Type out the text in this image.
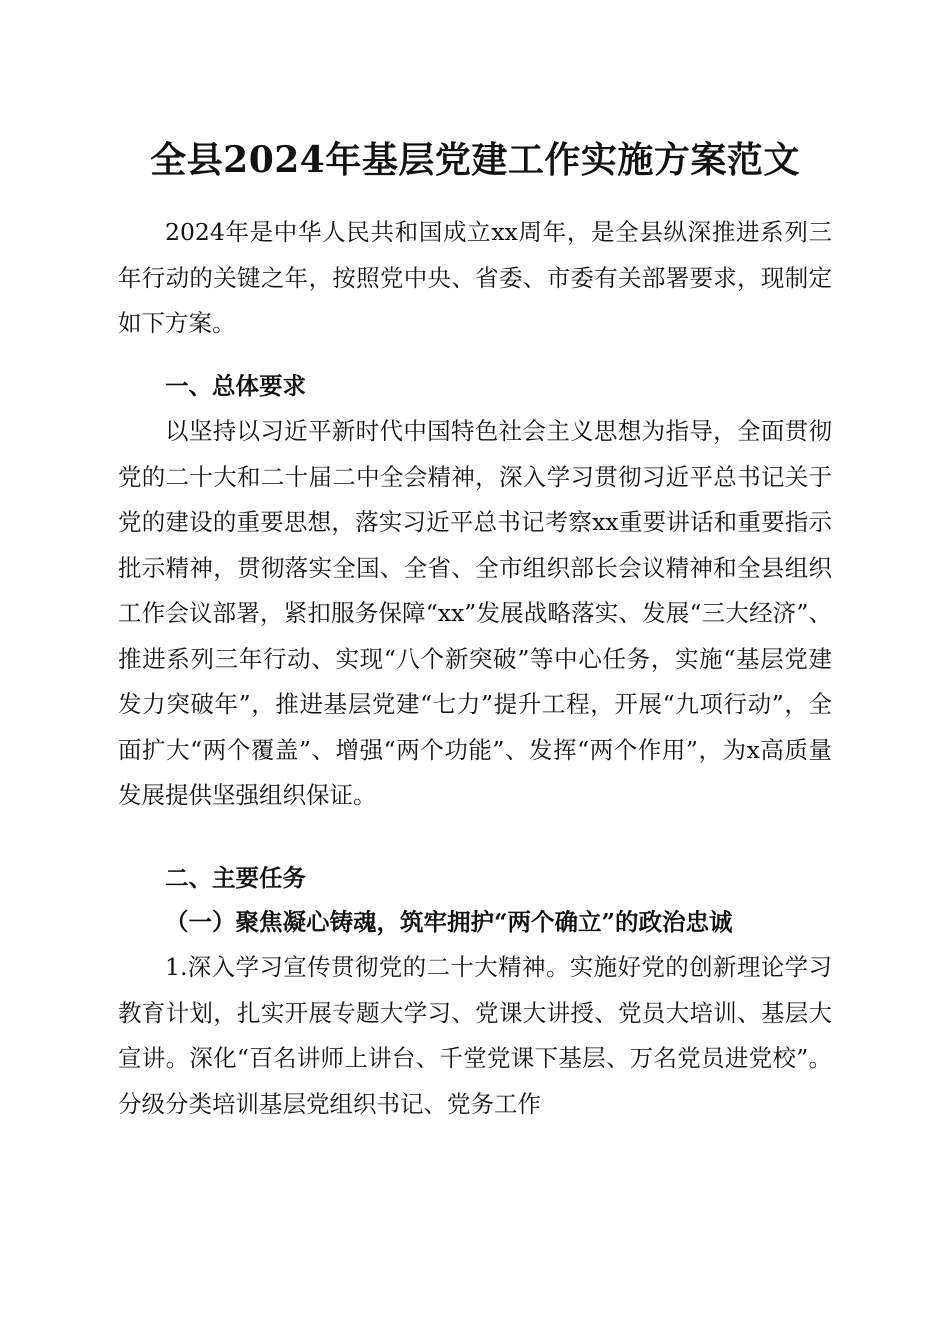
全县2024年基层党建工作实施方案范文
2024年是中华人民共和国成立xx周年，是全县纵深推进系列三年行动的关键之年，按照党中央、省委、市委有关部署要求，现制定如下方案。
一、总体要求
以坚持以习近平新时代中国特色社会主义思想为指导，全面贯彻党的二十大和二十届二中全会精神，深入学习贯彻习近平总书记关于党的建设的重要思想，落实习近平总书记考察xx重要讲话和重要指示批示精神，贯彻落实全国、全省、全市组织部长会议精神和全县组织工作会议部署，紧扣服务保障“xx”发展战略落实、发展“三大经济”、推进系列三年行动、实现“八个新突破”等中心任务，实施“基层党建发力突破年”，推进基层党建“七力”提升工程，开展“九项行动”，全面扩大“两个覆盖”、增强“两个功能”、发挥“两个作用”，为x高质量发展提供坚强组织保证。
二、主要任务
（一）聚焦凝心铸魂，筑牢拥护“两个确立”的政治忠诚
1.深入学习宣传贯彻党的二十大精神。实施好党的创新理论学习教育计划，扎实开展专题大学习、党课大讲授、党员大培训、基层大宣讲。深化“百名讲师上讲台、千堂党课下基层、万名党员进党校”。分级分类培训基层党组织书记、党务工作
